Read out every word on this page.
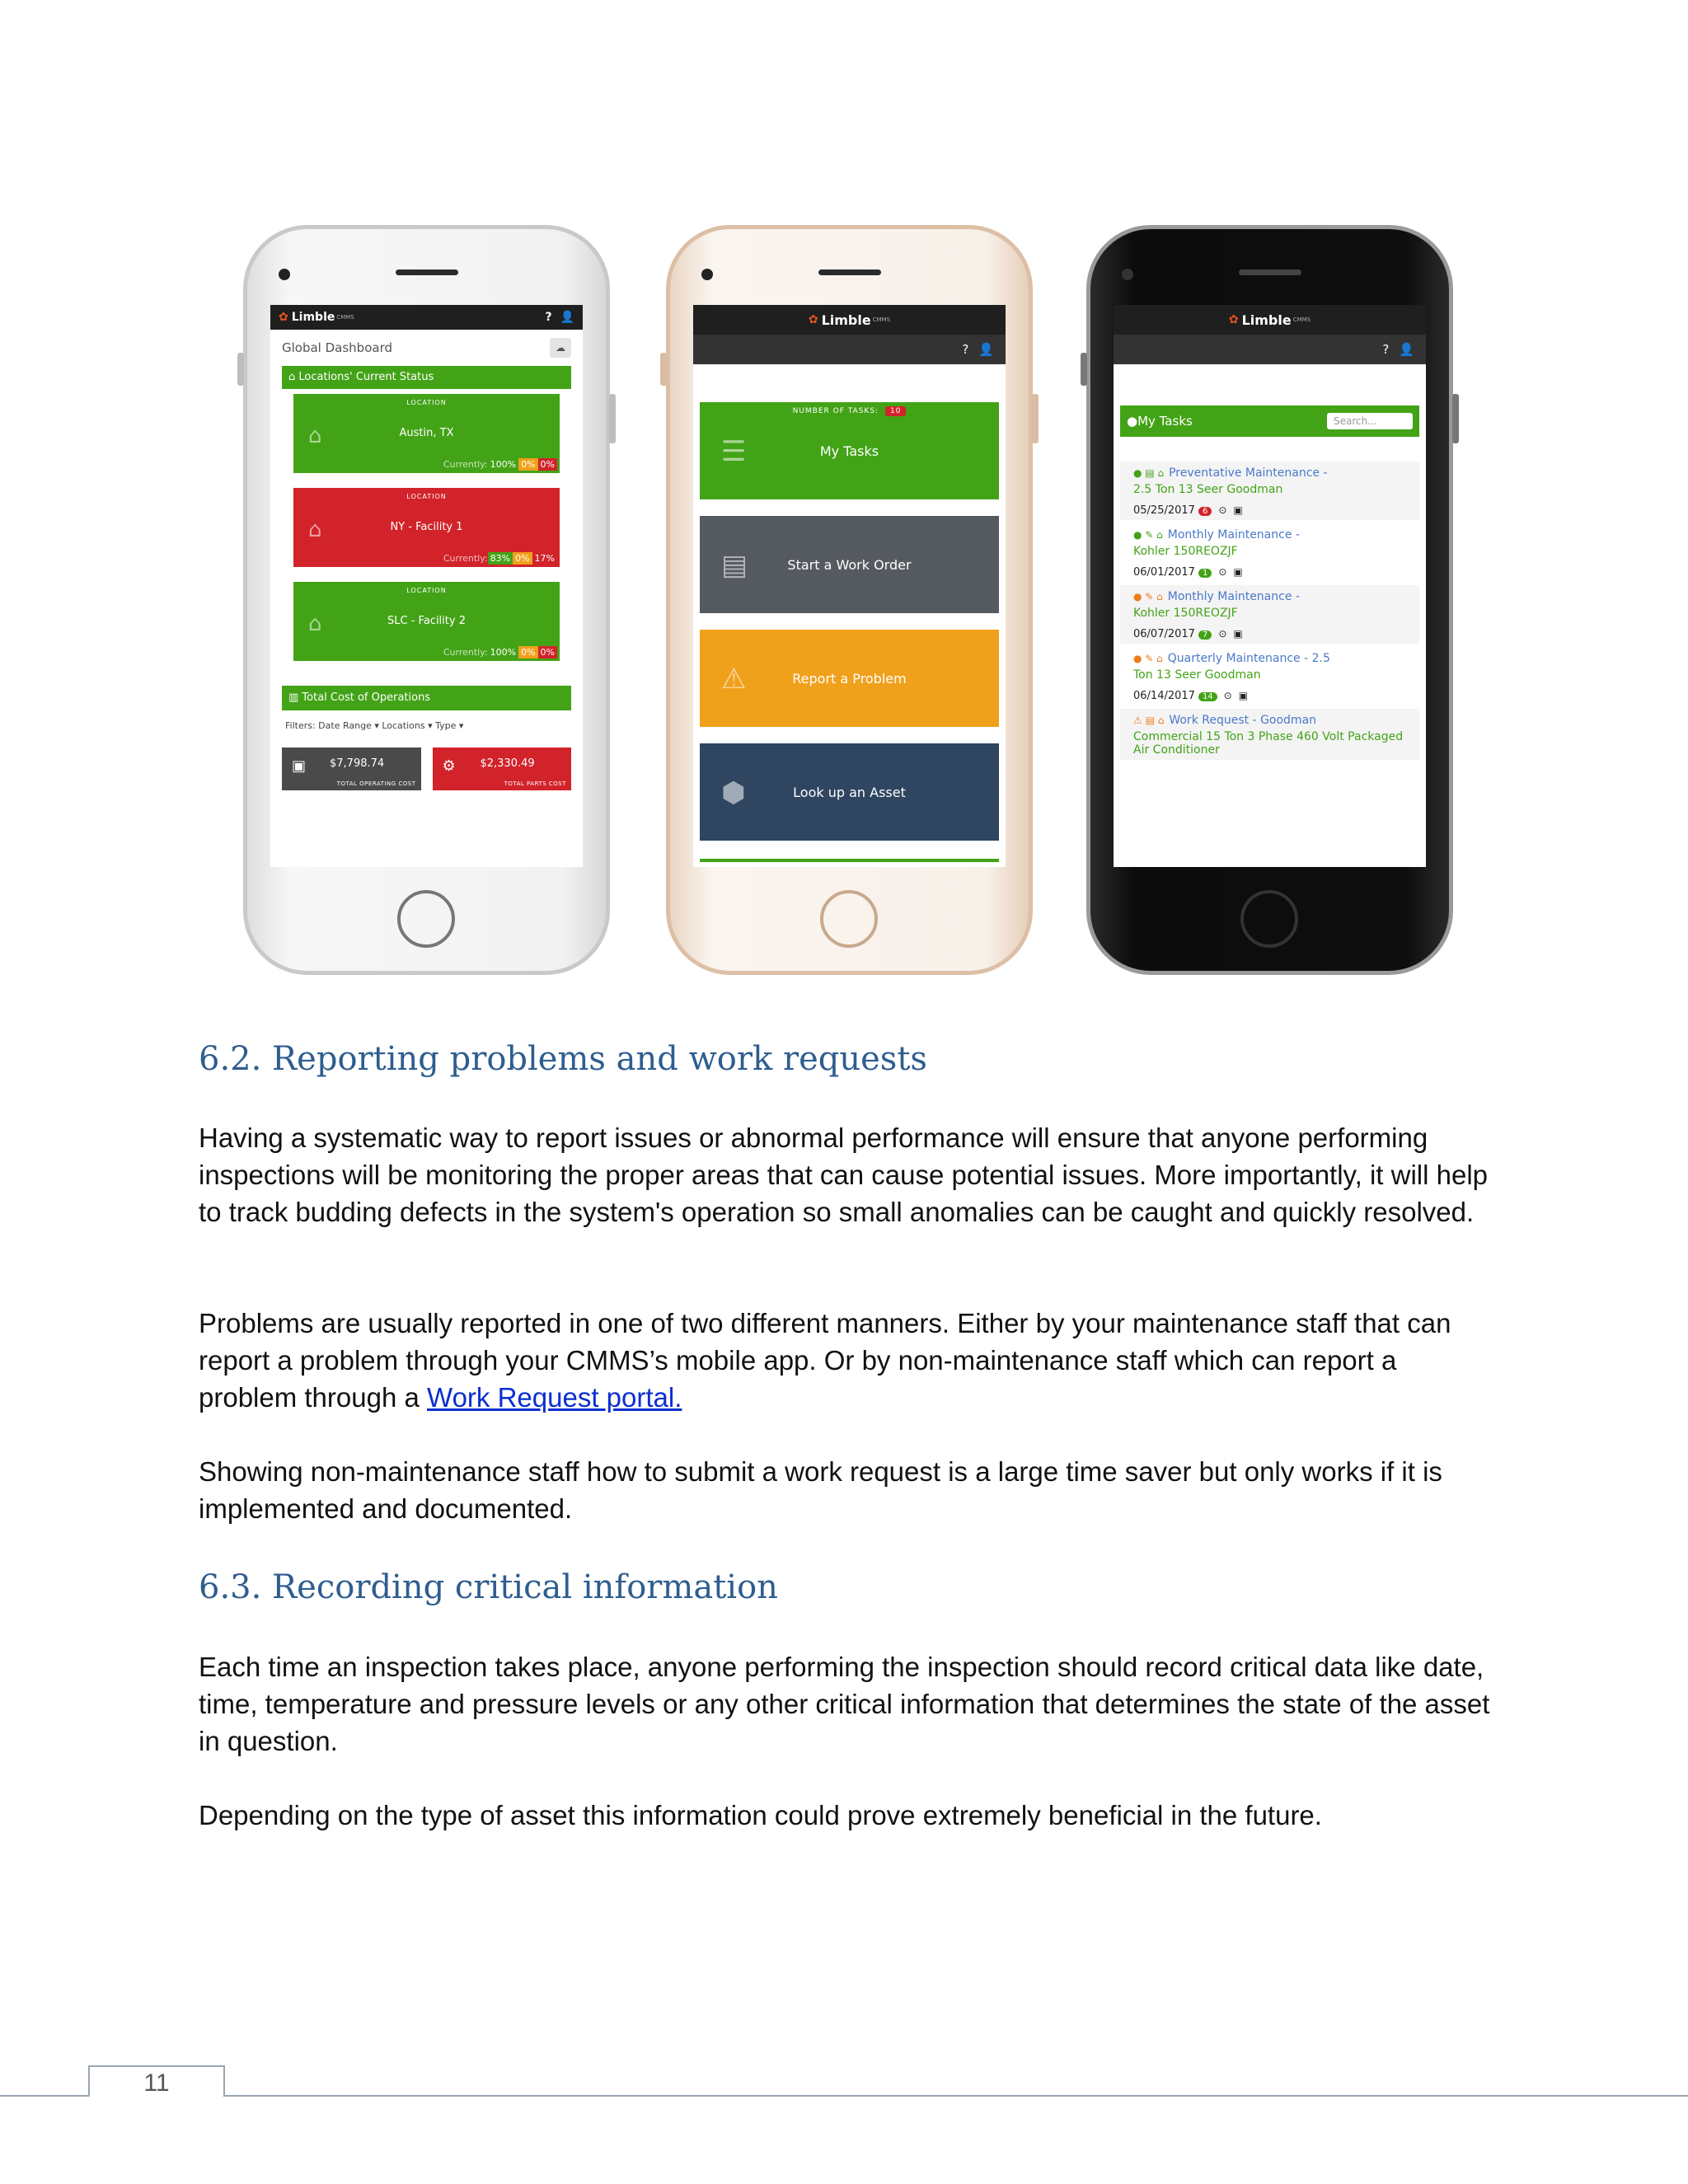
✿ Limble CMMS	? 👤
Global Dashboard	☁
⌂ Locations' Current Status
LOCATION
⌂	Austin, TX
Currently: 100% 0% 0%
LOCATION
⌂	NY - Facility 1
Currently: 83% 0% 17%
LOCATION
⌂	SLC - Facility 2
Currently: 100% 0% 0%
▥ Total Cost of Operations
Filters: Date Range ▾ Locations ▾ Type ▾
▣ $7,798.74
TOTAL OPERATING COST
⚙ $2,330.49
TOTAL PARTS COST
✿ Limble CMMS
? 👤
NUMBER OF TASKS: 10
☰	My Tasks
▤	Start a Work Order
⚠	Report a Problem
⬢	Look up an Asset
✿ Limble CMMS
? 👤
● My Tasks	Search...
● ▤ ⌂ Preventative Maintenance -
2.5 Ton 13 Seer Goodman
05/25/2017 6 ⊙ ▣
● ✎ ⌂ Monthly Maintenance -
Kohler 150REOZJF
06/01/2017 1 ⊙ ▣
● ✎ ⌂ Monthly Maintenance -
Kohler 150REOZJF
06/07/2017 7 ⊙ ▣
● ✎ ⌂ Quarterly Maintenance - 2.5
Ton 13 Seer Goodman
06/14/2017 14 ⊙ ▣
⚠ ▤ ⌂ Work Request - Goodman
Commercial 15 Ton 3 Phase 460 Volt Packaged Air Conditioner
6.2. Reporting problems and work requests

Having a systematic way to report issues or abnormal performance will ensure that anyone performing inspections will be monitoring the proper areas that can cause potential issues. More importantly, it will help to track budding defects in the system's operation so small anomalies can be caught and quickly resolved.

Problems are usually reported in one of two different manners. Either by your maintenance staff that can report a problem through your CMMS’s mobile app. Or by non-maintenance staff which can report a problem through a Work Request portal.

Showing non-maintenance staff how to submit a work request is a large time saver but only works if it is implemented and documented.

6.3. Recording critical information

Each time an inspection takes place, anyone performing the inspection should record critical data like date, time, temperature and pressure levels or any other critical information that determines the state of the asset in question.

Depending on the type of asset this information could prove extremely beneficial in the future.

11
